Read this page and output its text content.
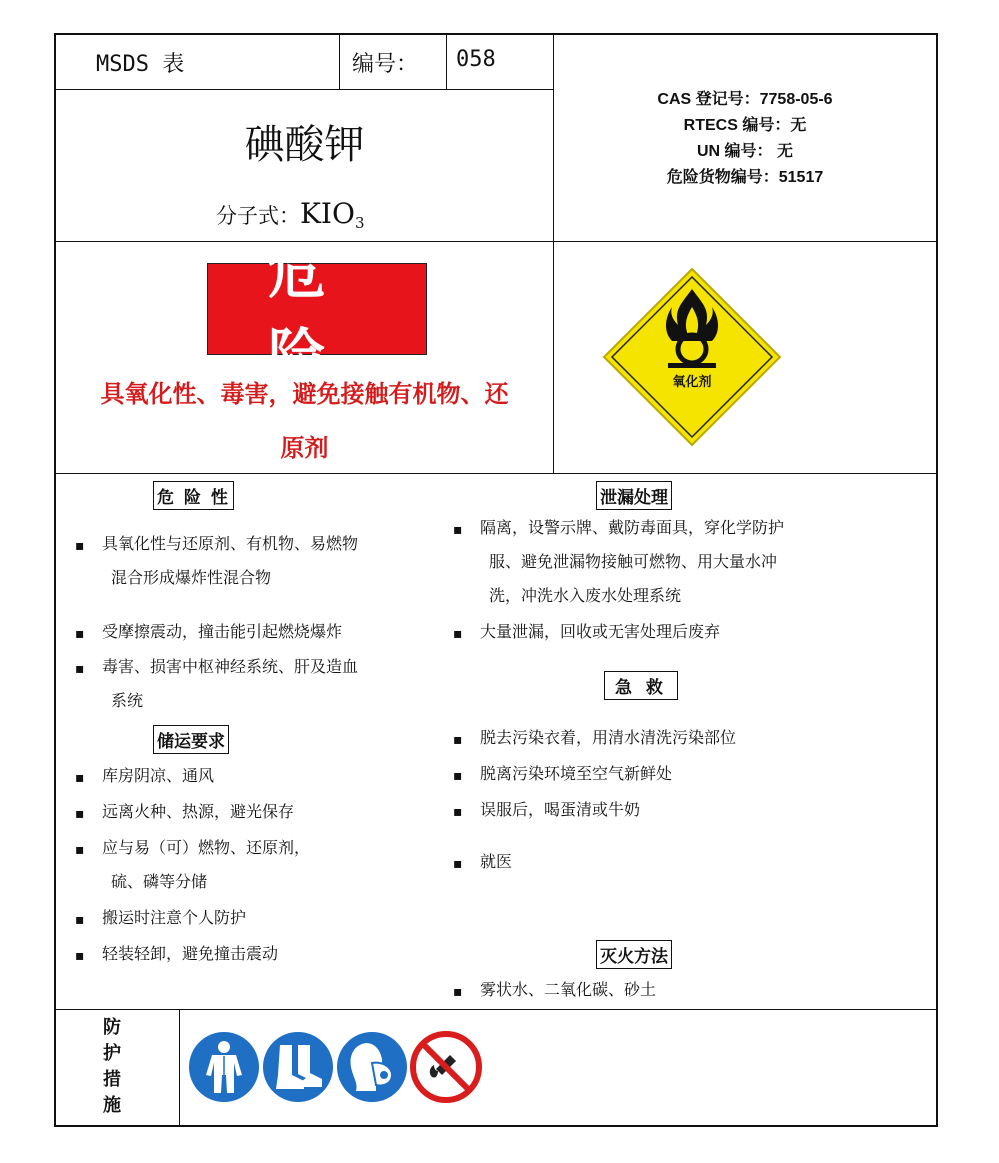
MSDS 表	编号： 058
碘酸钾
分子式：$KIO_3$
CAS 登记号：7758-05-6
RTECS 编号：无
UN 编号： 无
危险货物编号：51517
危险
具氧化性、毒害，避免接触有机物、还
原剂
氧化剂
危 险 性
▪ 具氧化性与还原剂、有机物、易燃物
混合形成爆炸性混合物
▪ 受摩擦震动，撞击能引起燃烧爆炸
▪ 毒害、损害中枢神经系统、肝及造血
系统
储运要求
▪ 库房阴凉、通风
▪ 远离火种、热源，避光保存
▪ 应与易（可）燃物、还原剂，
硫、磷等分储
▪ 搬运时注意个人防护
▪ 轻装轻卸，避免撞击震动
泄漏处理
▪ 隔离，设警示牌、戴防毒面具，穿化学防护
服、避免泄漏物接触可燃物、用大量水冲
洗，冲洗水入废水处理系统
▪ 大量泄漏，回收或无害处理后废弃
急 救
▪ 脱去污染衣着，用清水清洗污染部位
▪ 脱离污染环境至空气新鲜处
▪ 误服后，喝蛋清或牛奶
▪ 就医
灭火方法
▪ 雾状水、二氧化碳、砂土
防
护
措
施
